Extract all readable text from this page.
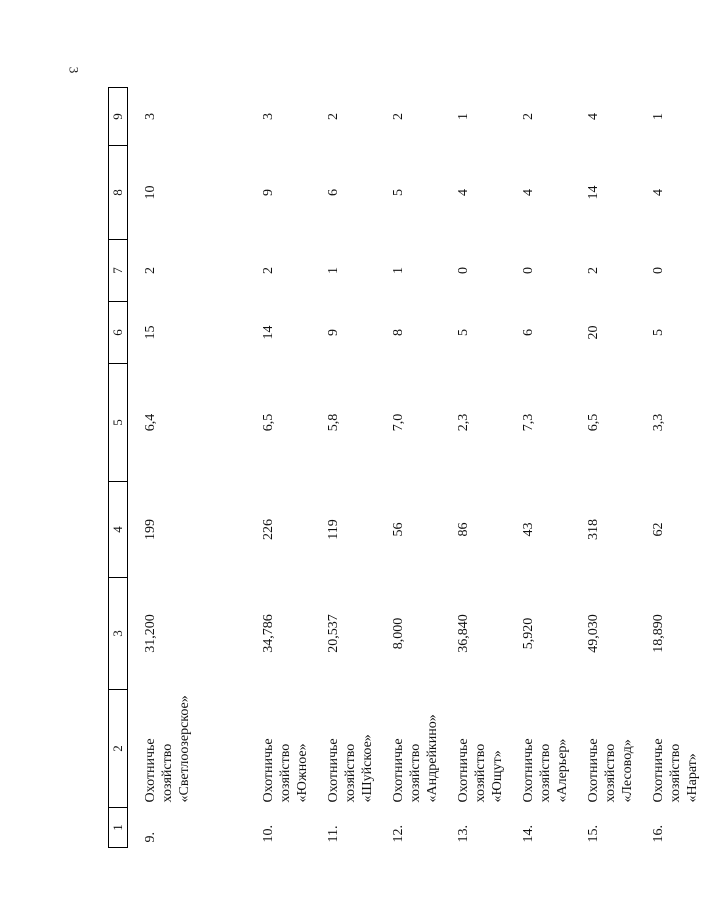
3
1	2	3	4	5	6	7	8	9
9.	Охотничье хозяйство «Светлоозерское»	31,200	199	6,4	15	2	10	3
10.	Охотничье хозяйство «Южное»	34,786	226	6,5	14	2	9	3
11.	Охотничье хозяйство «Шуйское»	20,537	119	5,8	9	1	6	2
12.	Охотничье хозяйство «Андрейкино»	8,000	56	7,0	8	1	5	2
13.	Охотничье хозяйство «Ющут»	36,840	86	2,3	5	0	4	1
14.	Охотничье хозяйство «Алерьер»	5,920	43	7,3	6	0	4	2
15.	Охотничье хозяйство «Лесовод»	49,030	318	6,5	20	2	14	4
16.	Охотничье хозяйство «Нарат»	18,890	62	3,3	5	0	4	1
